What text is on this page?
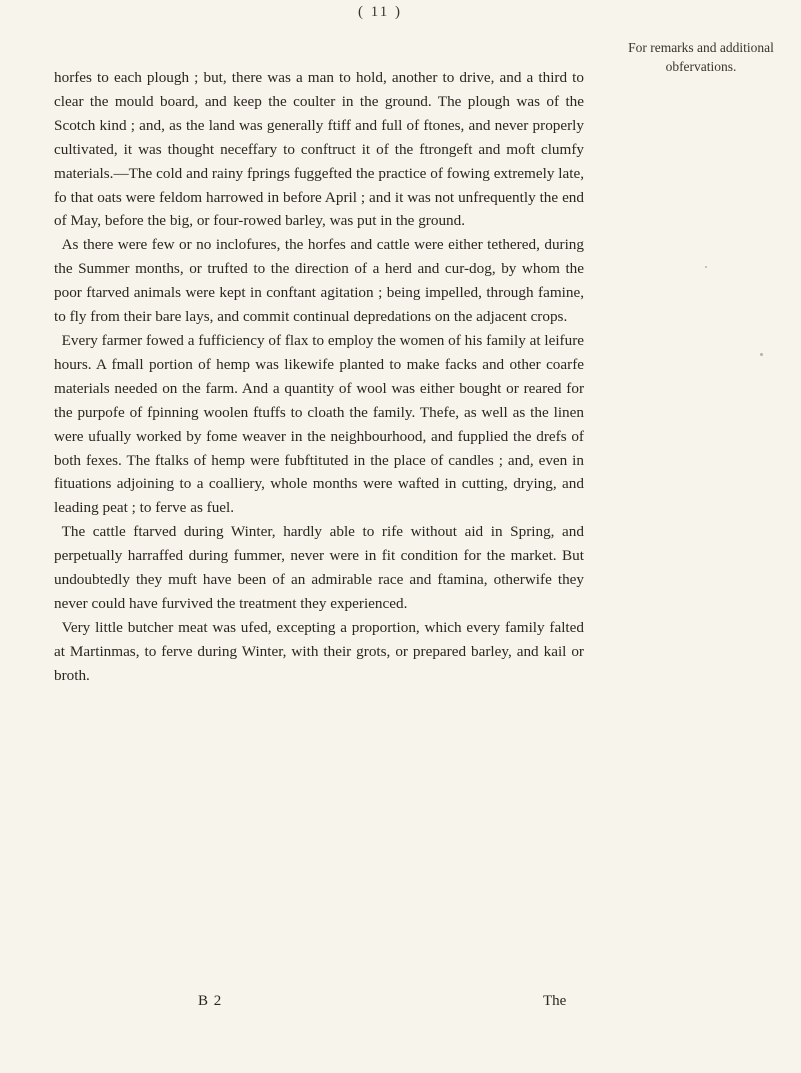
( 11 )
For remarks and additional
obfervations.

horfes to each plough ; but, there was a man to hold, another to drive, and a third to clear the mould board, and keep the coulter in the ground. The plough was of the Scotch kind ; and, as the land was generally ftiff and full of ftones, and never properly cultivated, it was thought neceffary to conftruct it of the ftrongeft and moft clumfy materials.—The cold and rainy fprings fuggefted the practice of fowing extremely late, fo that oats were feldom harrowed in before April ; and it was not unfrequently the end of May, before the big, or four-rowed barley, was put in the ground.

As there were few or no inclofures, the horfes and cattle were either tethered, during the Summer months, or trufted to the direction of a herd and cur-dog, by whom the poor ftarved animals were kept in conftant agitation ; being impelled, through famine, to fly from their bare lays, and commit continual depredations on the adjacent crops.

Every farmer fowed a fufficiency of flax to employ the women of his family at leifure hours. A fmall portion of hemp was likewife planted to make facks and other coarfe materials needed on the farm. And a quantity of wool was either bought or reared for the purpofe of fpinning woolen ftuffs to cloath the family. Thefe, as well as the linen were ufually worked by fome weaver in the neighbourhood, and fupplied the drefs of both fexes. The ftalks of hemp were fubftituted in the place of candles ; and, even in fituations adjoining to a coalliery, whole months were wafted in cutting, drying, and leading peat ; to ferve as fuel.

The cattle ftarved during Winter, hardly able to rife without aid in Spring, and perpetually harraffed during fummer, never were in fit condition for the market. But undoubtedly they muft have been of an admirable race and ftamina, otherwife they never could have furvived the treatment they experienced.

Very little butcher meat was ufed, excepting a proportion, which every family falted at Martinmas, to ferve during Winter, with their grots, or prepared barley, and kail or broth.

B 2	The
